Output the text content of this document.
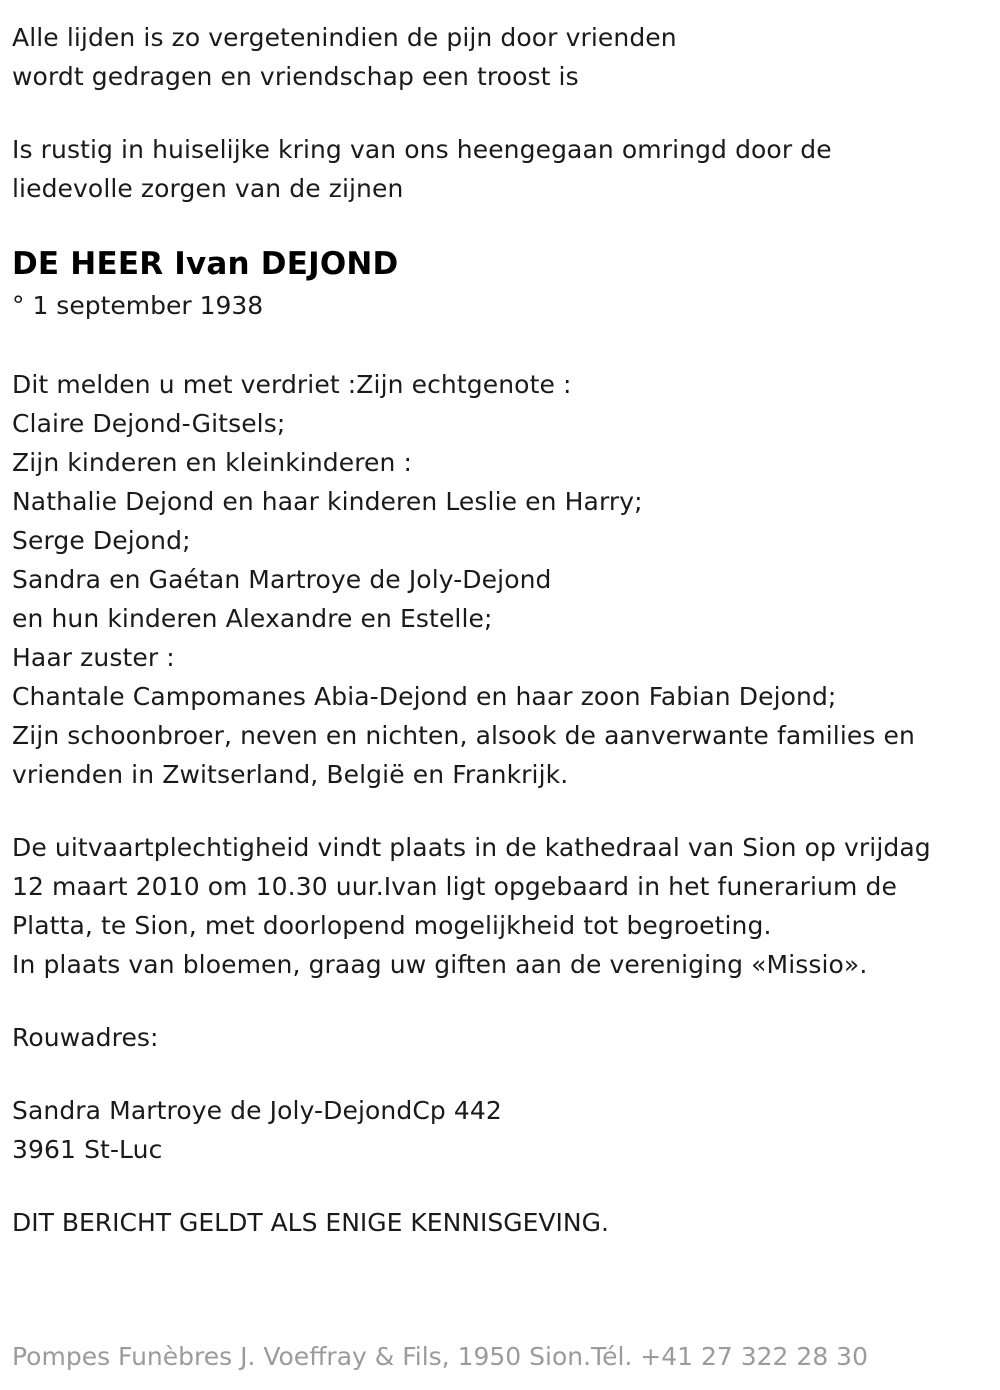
Alle lijden is zo vergetenindien de pijn door vrienden
wordt gedragen en vriendschap een troost is
Is rustig in huiselijke kring van ons heengegaan omringd door de
liedevolle zorgen van de zijnen
DE HEER Ivan DEJOND
° 1 september 1938
Dit melden u met verdriet :Zijn echtgenote :
Claire Dejond-Gitsels;
Zijn kinderen en kleinkinderen :
Nathalie Dejond en haar kinderen Leslie en Harry;
Serge Dejond;
Sandra en Gaétan Martroye de Joly-Dejond
en hun kinderen Alexandre en Estelle;
Haar zuster :
Chantale Campomanes Abia-Dejond en haar zoon Fabian Dejond;
Zijn schoonbroer, neven en nichten, alsook de aanverwante families en
vrienden in Zwitserland, België en Frankrijk.
De uitvaartplechtigheid vindt plaats in de kathedraal van Sion op vrijdag
12 maart 2010 om 10.30 uur.Ivan ligt opgebaard in het funerarium de
Platta, te Sion, met doorlopend mogelijkheid tot begroeting.
In plaats van bloemen, graag uw giften aan de vereniging «Missio».
Rouwadres:
Sandra Martroye de Joly-DejondCp 442
3961 St-Luc
DIT BERICHT GELDT ALS ENIGE KENNISGEVING.
Pompes Funèbres J. Voeffray & Fils, 1950 Sion.Tél. +41 27 322 28 30
